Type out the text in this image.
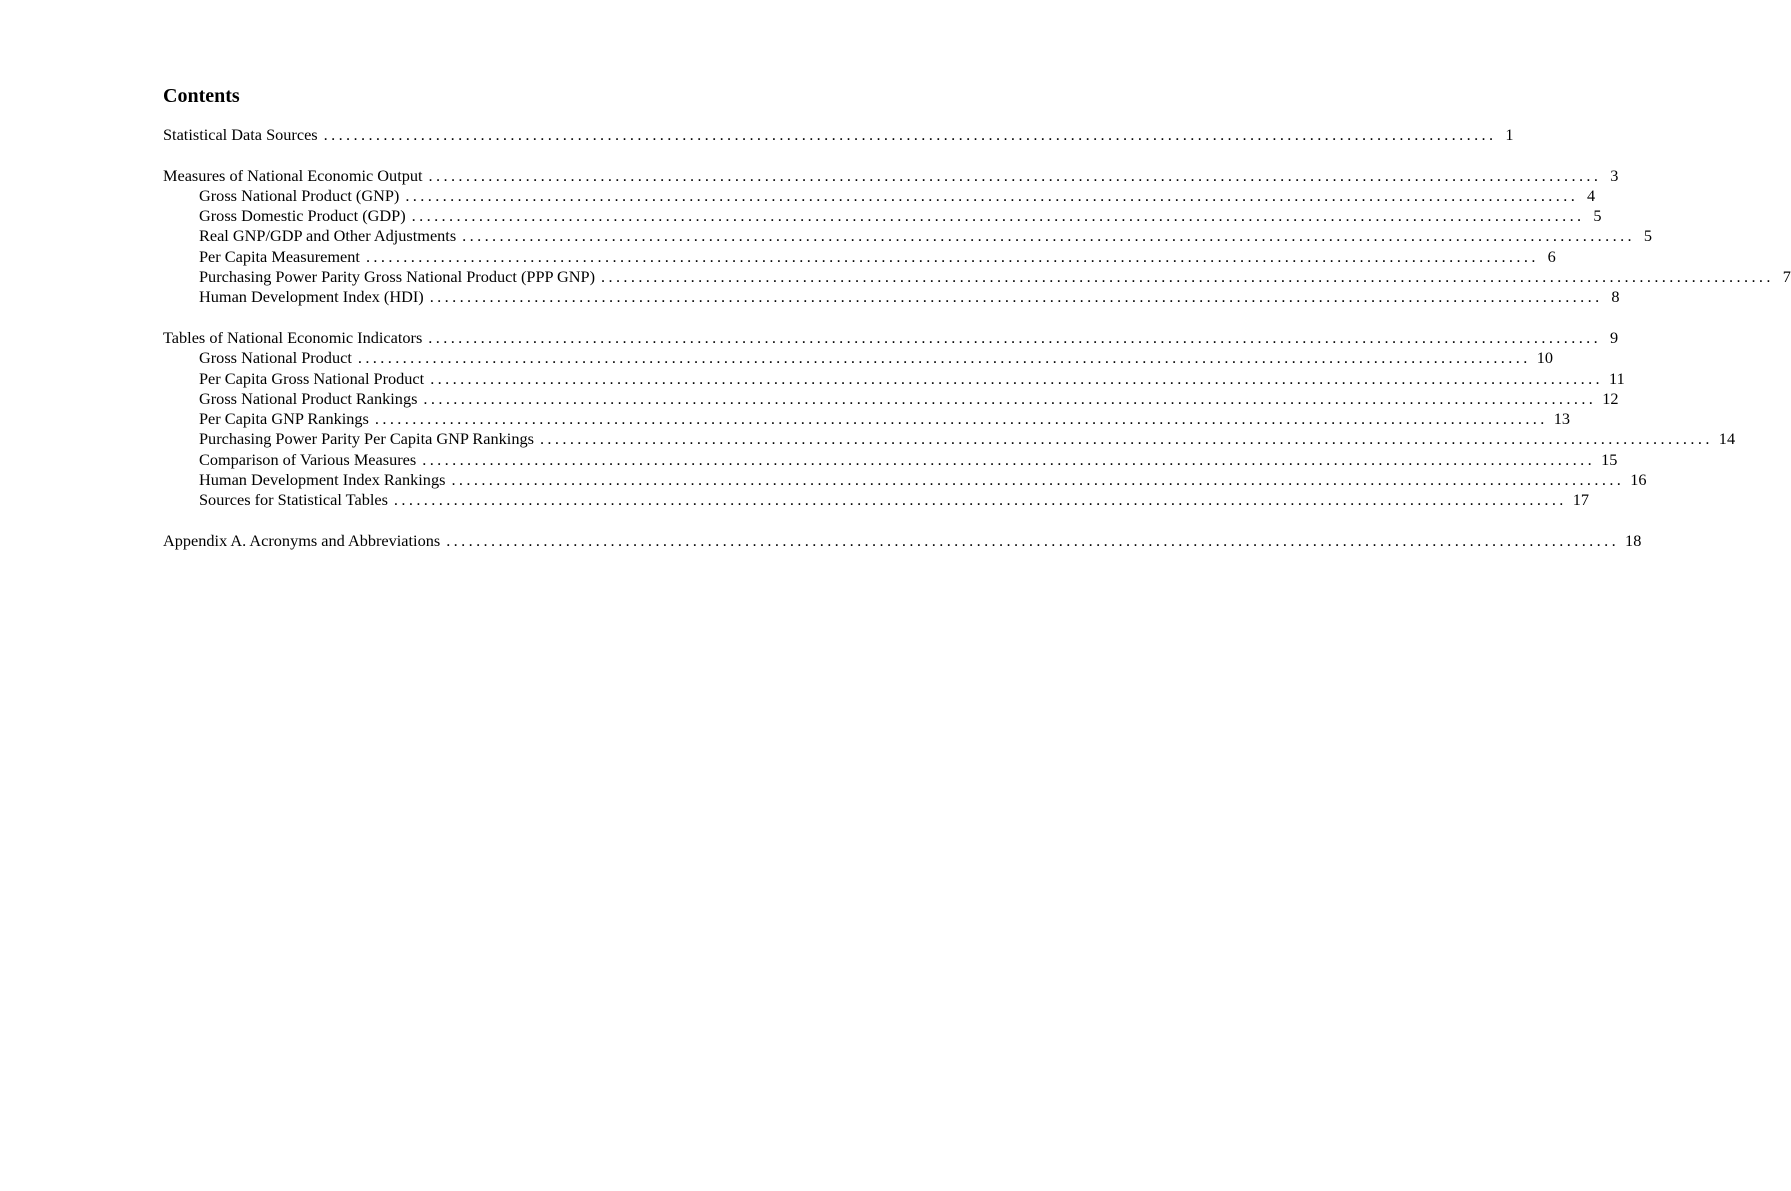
Contents
Statistical Data Sources ............................................................................................................................................................. 1
Measures of National Economic Output ............................................................................................................................................................. 3
Gross National Product (GNP) ............................................................................................................................................................. 4
Gross Domestic Product (GDP) ............................................................................................................................................................. 5
Real GNP/GDP and Other Adjustments ............................................................................................................................................................. 5
Per Capita Measurement ............................................................................................................................................................. 6
Purchasing Power Parity Gross National Product (PPP GNP) ............................................................................................................................................................. 7
Human Development Index (HDI) ............................................................................................................................................................. 8
Tables of National Economic Indicators ............................................................................................................................................................. 9
Gross National Product ............................................................................................................................................................. 10
Per Capita Gross National Product ............................................................................................................................................................. 11
Gross National Product Rankings ............................................................................................................................................................. 12
Per Capita GNP Rankings ............................................................................................................................................................. 13
Purchasing Power Parity Per Capita GNP Rankings ............................................................................................................................................................. 14
Comparison of Various Measures ............................................................................................................................................................. 15
Human Development Index Rankings ............................................................................................................................................................. 16
Sources for Statistical Tables ............................................................................................................................................................. 17
Appendix A. Acronyms and Abbreviations ............................................................................................................................................................. 18
